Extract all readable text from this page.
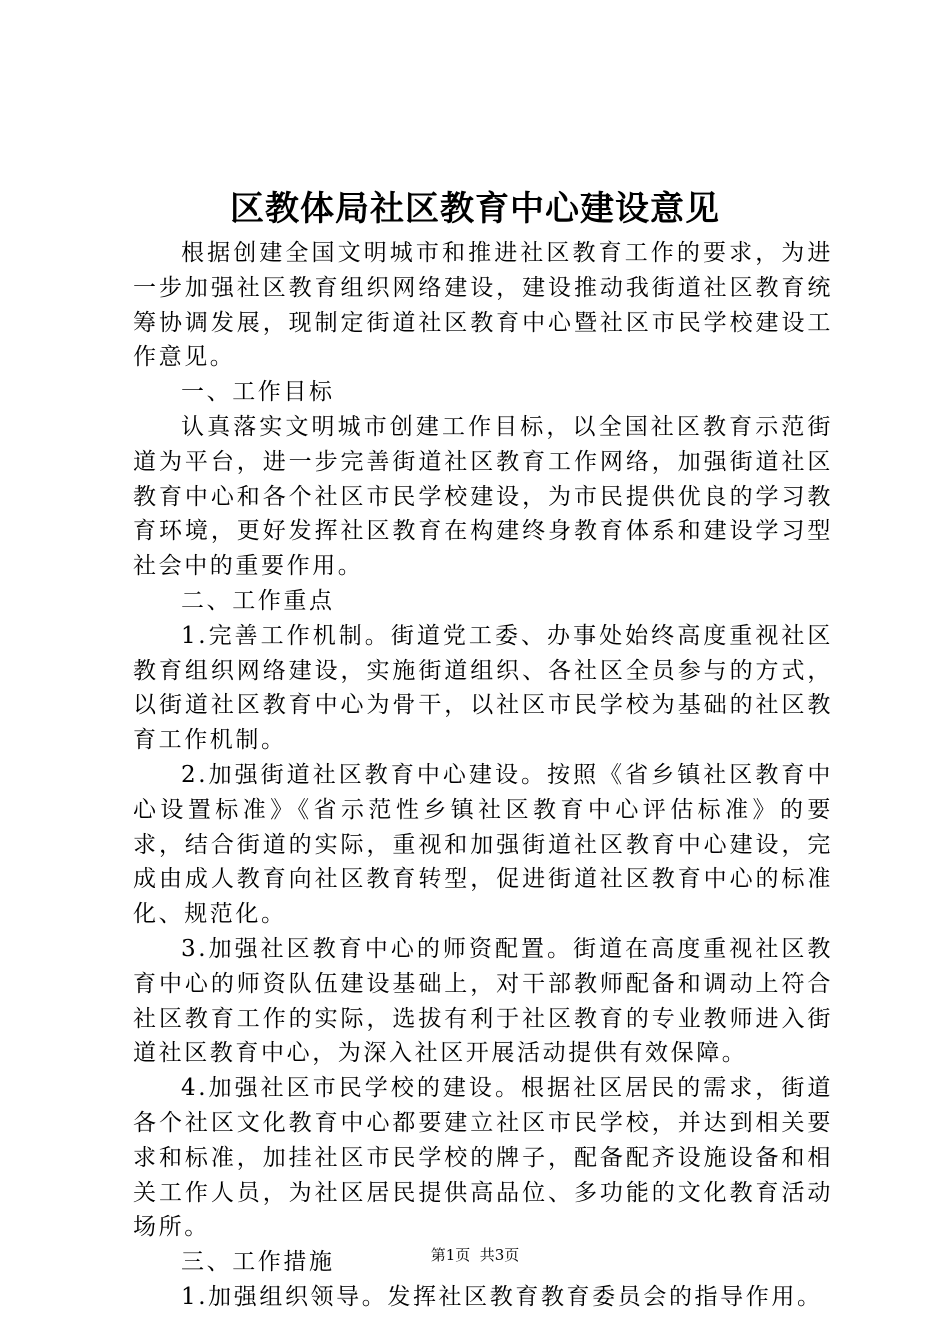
区教体局社区教育中心建设意见

根据创建全国文明城市和推进社区教育工作的要求，为进一步加强社区教育组织网络建设，建设推动我街道社区教育统筹协调发展，现制定街道社区教育中心暨社区市民学校建设工作意见。

一、工作目标

认真落实文明城市创建工作目标，以全国社区教育示范街道为平台，进一步完善街道社区教育工作网络，加强街道社区教育中心和各个社区市民学校建设，为市民提供优良的学习教育环境，更好发挥社区教育在构建终身教育体系和建设学习型社会中的重要作用。

二、工作重点

1.完善工作机制。街道党工委、办事处始终高度重视社区教育组织网络建设，实施街道组织、各社区全员参与的方式，以街道社区教育中心为骨干，以社区市民学校为基础的社区教育工作机制。

2.加强街道社区教育中心建设。按照《省乡镇社区教育中心设置标准》《省示范性乡镇社区教育中心评估标准》的要求，结合街道的实际，重视和加强街道社区教育中心建设，完成由成人教育向社区教育转型，促进街道社区教育中心的标准化、规范化。

3.加强社区教育中心的师资配置。街道在高度重视社区教育中心的师资队伍建设基础上，对干部教师配备和调动上符合社区教育工作的实际，选拔有利于社区教育的专业教师进入街道社区教育中心，为深入社区开展活动提供有效保障。

4.加强社区市民学校的建设。根据社区居民的需求，街道各个社区文化教育中心都要建立社区市民学校，并达到相关要求和标准，加挂社区市民学校的牌子，配备配齐设施设备和相关工作人员，为社区居民提供高品位、多功能的文化教育活动场所。

三、工作措施

1.加强组织领导。发挥社区教育教育委员会的指导作用。

第1页  共3页
